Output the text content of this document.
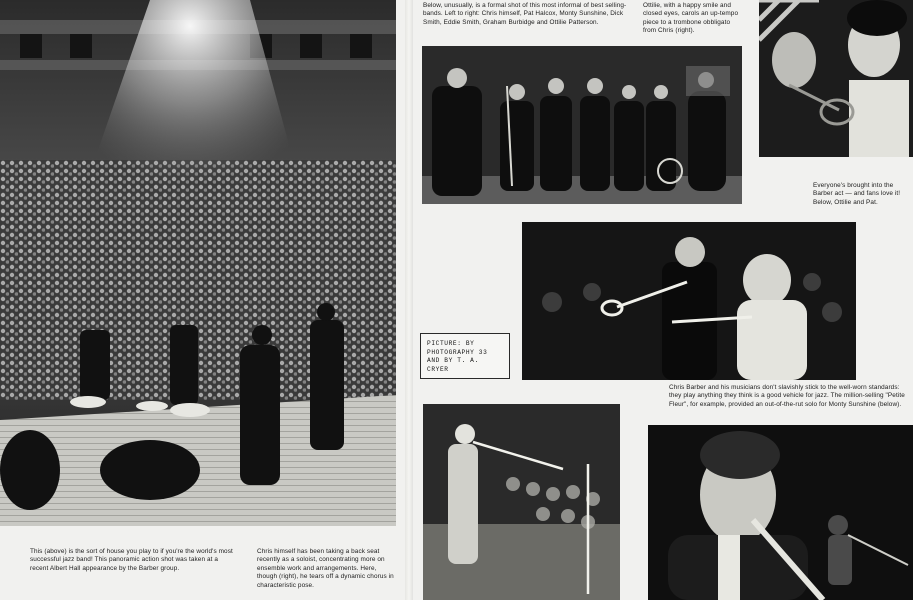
This (above) is the sort of house you play to if you're the world's most successful jazz band! This panoramic action shot was taken at a recent Albert Hall appearance by the Barber group.

Chris himself has been taking a back seat recently as a soloist, concentrating more on ensemble work and arrangements. Here, though (right), he tears off a dynamic chorus in characteristic pose.

Below, unusually, is a formal shot of this most informal of best selling-bands. Left to right: Chris himself, Pat Halcox, Monty Sunshine, Dick Smith, Eddie Smith, Graham Burbidge and Ottilie Patterson.

Ottilie, with a happy smile and closed eyes, carols an up-tempo piece to a trombone obbligato from Chris (right).

Everyone's brought into the Barber act — and fans love it! Below, Ottilie and Pat.

PICTURE: BY PHOTOGRAPHY 33 AND BY T. A. CRYER

Chris Barber and his musicians don't slavishly stick to the well-worn standards: they play anything they think is a good vehicle for jazz. The million-selling "Petite Fleur", for example, provided an out-of-the-rut solo for Monty Sunshine (below).
